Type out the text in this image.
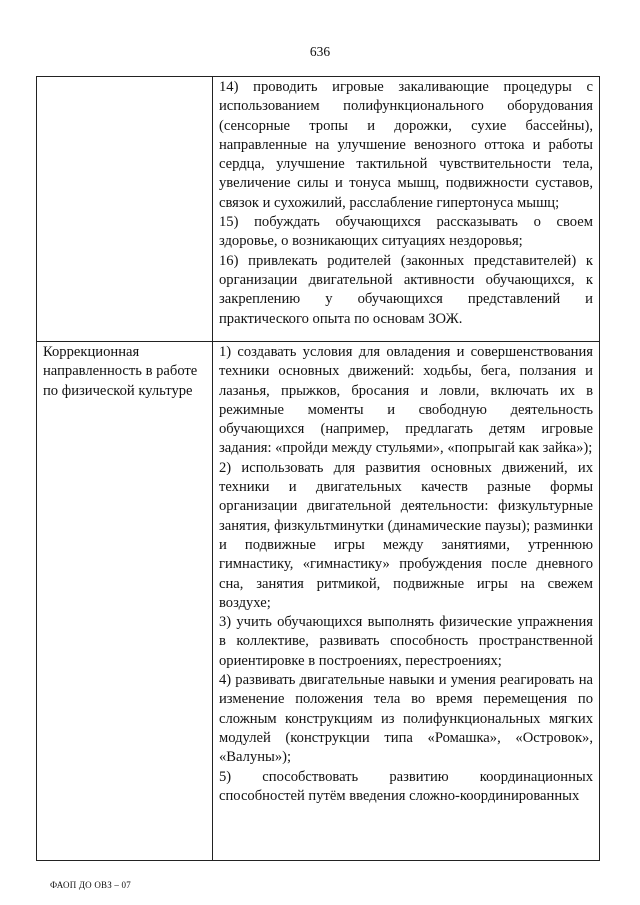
636

	14) проводить игровые закаливающие процедуры с использованием полифункционального оборудования (сенсорные тропы и дорожки, сухие бассейны), направленные на улучшение венозного оттока и работы сердца, улучшение тактильной чувствительности тела, увеличение силы и тонуса мышц, подвижности суставов, связок и сухожилий, расслабление гипертонуса мышц;
15) побуждать обучающихся рассказывать о своем здоровье, о возникающих ситуациях нездоровья;
16) привлекать родителей (законных представителей) к организации двигательной активности обучающихся, к закреплению у обучающихся представлений и практического опыта по основам ЗОЖ.

Коррекционная направленность в работе по физической культуре	1) создавать условия для овладения и совершенствования техники основных движений: ходьбы, бега, ползания и лазанья, прыжков, бросания и ловли, включать их в режимные моменты и свободную деятельность обучающихся (например, предлагать детям игровые задания: «пройди между стульями», «попрыгай как зайка»);
2) использовать для развития основных движений, их техники и двигательных качеств разные формы организации двигательной деятельности: физкультурные занятия, физкультминутки (динамические паузы); разминки и подвижные игры между занятиями, утреннюю гимнастику, «гимнастику» пробуждения после дневного сна, занятия ритмикой, подвижные игры на свежем воздухе;
3) учить обучающихся выполнять физические упражнения в коллективе, развивать способность пространственной ориентировке в построениях, перестроениях;
4) развивать двигательные навыки и умения реагировать на изменение положения тела во время перемещения по сложным конструкциям из полифункциональных мягких модулей (конструкции типа «Ромашка», «Островок», «Валуны»);
5) способствовать развитию координационных способностей путём введения сложно-координированных
ФАОП ДО ОВЗ – 07
